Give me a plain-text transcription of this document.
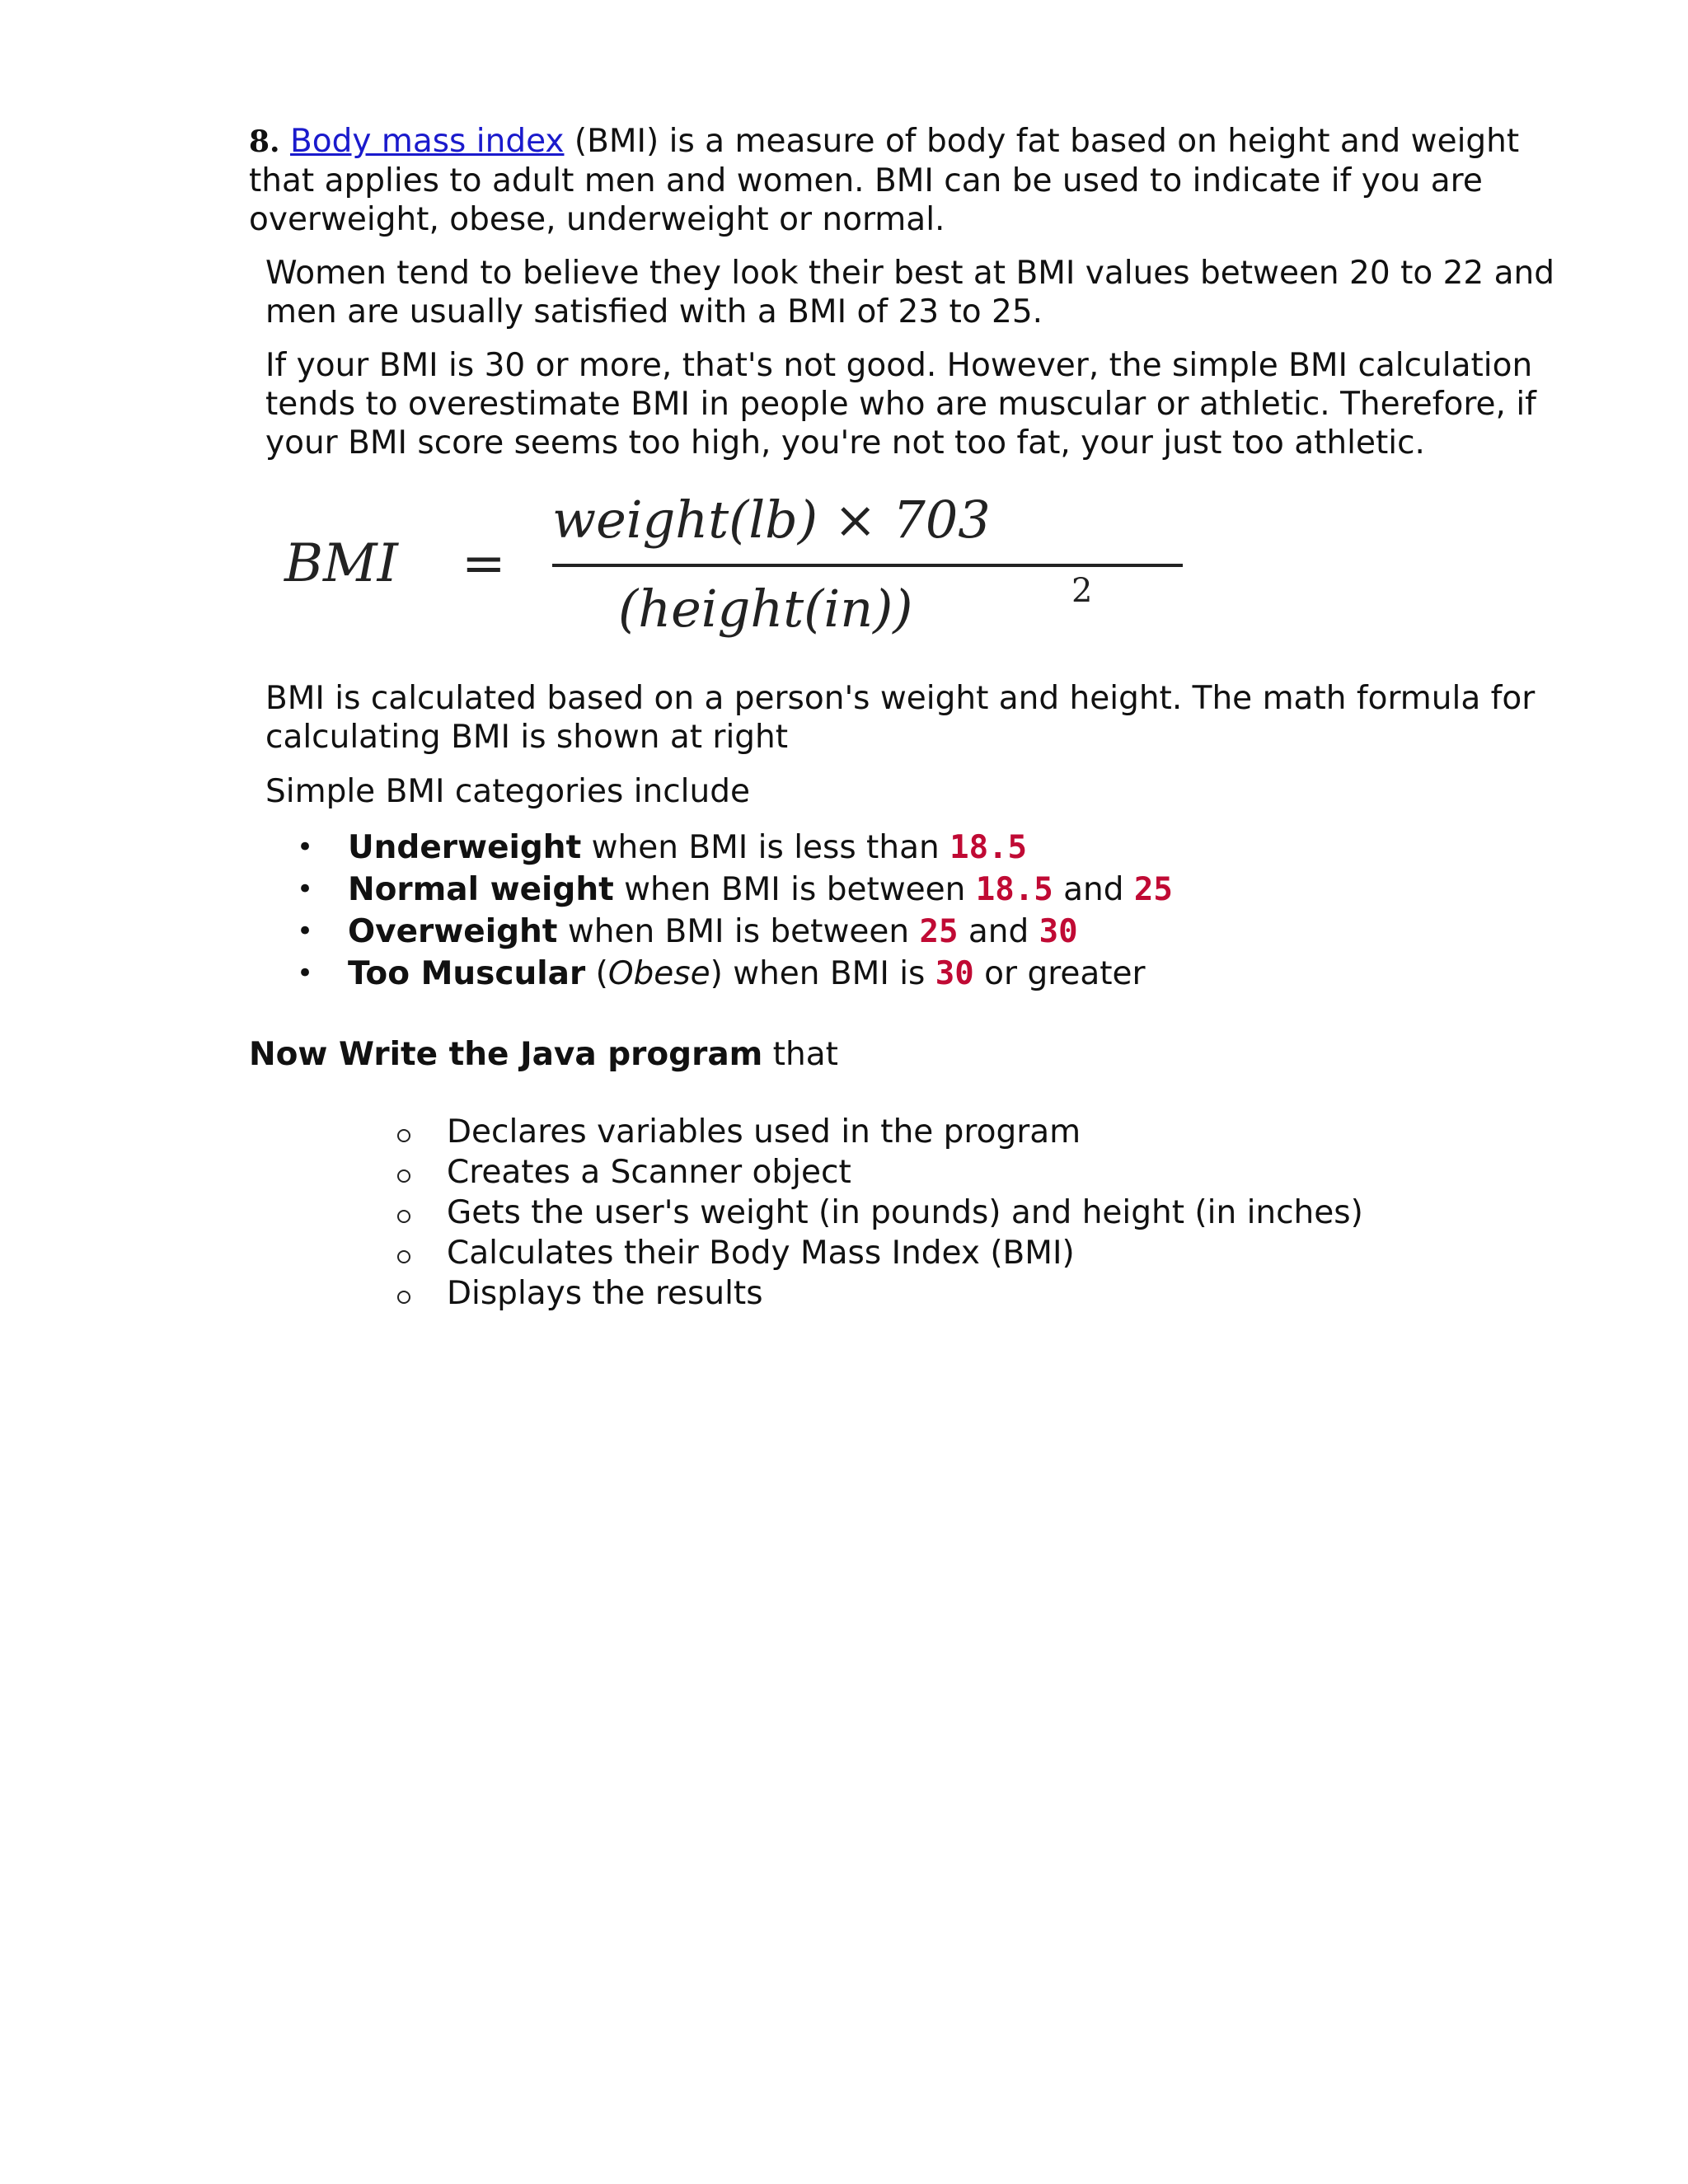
8. Body mass index (BMI) is a measure of body fat based on height and weight that applies to adult men and women. BMI can be used to indicate if you are overweight, obese, underweight or normal.
Women tend to believe they look their best at BMI values between 20 to 22 and men are usually satisfied with a BMI of 23 to 25.
If your BMI is 30 or more, that's not good. However, the simple BMI calculation tends to overestimate BMI in people who are muscular or athletic. Therefore, if your BMI score seems too high, you're not too fat, your just too athletic.
BMI =
weight(lb) × 703
(height(in))	2
BMI is calculated based on a person's weight and height. The math formula for calculating BMI is shown at right
Simple BMI categories include
• Underweight when BMI is less than 18.5
• Normal weight when BMI is between 18.5 and 25
• Overweight when BMI is between 25 and 30
• Too Muscular (Obese) when BMI is 30 or greater
Now Write the Java program that
Declares variables used in the program
Creates a Scanner object
Gets the user's weight (in pounds) and height (in inches)
Calculates their Body Mass Index (BMI)
Displays the results
